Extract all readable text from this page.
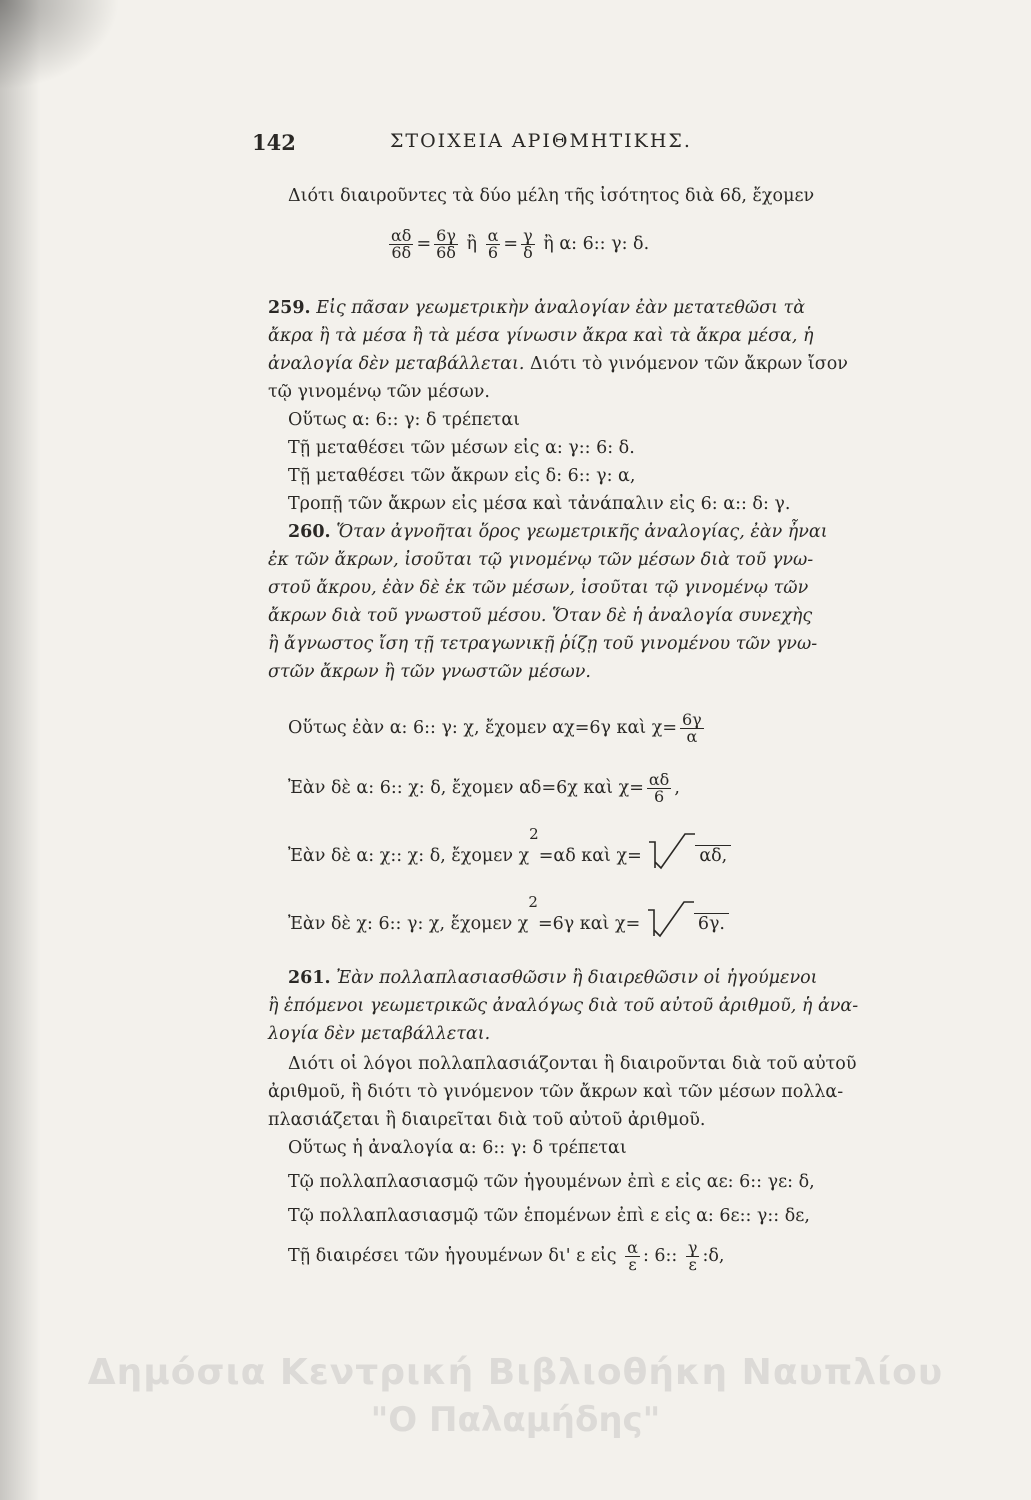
142	ΣΤΟΙΧΕΙΑ ΑΡΙΘΜΗΤΙΚΗΣ.
Διότι διαιροῦντες τὰ δύο μέλη τῆς ἰσότητος διὰ 6δ, ἔχομεν
$\frac{\alpha\delta}{6\delta} = \frac{6\gamma}{6\delta}$ ἢ $\frac{\alpha}{6} = \frac{\gamma}{\delta}$ ἢ α: 6:: γ: δ.
259. Εἰς πᾶσαν γεωμετρικὴν ἀναλογίαν ἐὰν μετατεθῶσι τὰ
ἄκρα ἢ τὰ μέσα ἢ τὰ μέσα γίνωσιν ἄκρα καὶ τὰ ἄκρα μέσα, ἡ
ἀναλογία δὲν μεταβάλλεται. Διότι τὸ γινόμενον τῶν ἄκρων ἴσον
τῷ γινομένῳ τῶν μέσων.
Οὕτως α: 6:: γ: δ τρέπεται
Τῇ μεταθέσει τῶν μέσων εἰς α: γ:: 6: δ.
Τῇ μεταθέσει τῶν ἄκρων εἰς δ: 6:: γ: α,
Τροπῇ τῶν ἄκρων εἰς μέσα καὶ τἀνάπαλιν εἰς 6: α:: δ: γ.
260. Ὅταν ἀγνοῆται ὅρος γεωμετρικῆς ἀναλογίας, ἐὰν ἦναι
ἐκ τῶν ἄκρων, ἰσοῦται τῷ γινομένῳ τῶν μέσων διὰ τοῦ γνω-
στοῦ ἄκρου, ἐὰν δὲ ἐκ τῶν μέσων, ἰσοῦται τῷ γινομένῳ τῶν
ἄκρων διὰ τοῦ γνωστοῦ μέσου. Ὅταν δὲ ἡ ἀναλογία συνεχὴς
ἢ ἄγνωστος ἴση τῇ τετραγωνικῇ ῥίζῃ τοῦ γινομένου τῶν γνω-
στῶν ἄκρων ἢ τῶν γνωστῶν μέσων.
Οὕτως ἐὰν α: 6:: γ: χ, ἔχομεν αχ=6γ καὶ $\chi= \frac{6\gamma}{\alpha}$
Ἐὰν δὲ α: 6:: χ: δ, ἔχομεν αδ=6χ καὶ $\chi= \frac{\alpha\delta}{6}$ ,
Ἐὰν δὲ α: χ:: χ: δ, ἔχομεν χ2=αδ καὶ χ=	αδ,
Ἐὰν δὲ χ: 6:: γ: χ, ἔχομεν χ2=6γ καὶ χ=	6γ.
261. Ἐὰν πολλαπλασιασθῶσιν ἢ διαιρεθῶσιν οἱ ἡγούμενοι
ἢ ἑπόμενοι γεωμετρικῶς ἀναλόγως διὰ τοῦ αὐτοῦ ἀριθμοῦ, ἡ ἀνα-
λογία δὲν μεταβάλλεται.
Διότι οἱ λόγοι πολλαπλασιάζονται ἢ διαιροῦνται διὰ τοῦ αὐτοῦ
ἀριθμοῦ, ἢ διότι τὸ γινόμενον τῶν ἄκρων καὶ τῶν μέσων πολλα-
πλασιάζεται ἢ διαιρεῖται διὰ τοῦ αὐτοῦ ἀριθμοῦ.
Οὕτως ἡ ἀναλογία α: 6:: γ: δ τρέπεται
Τῷ πολλαπλασιασμῷ τῶν ἡγουμένων ἐπὶ ε εἰς αε: 6:: γε: δ,
Τῷ πολλαπλασιασμῷ τῶν ἑπομένων ἐπὶ ε εἰς α: 6ε:: γ:: δε,
Τῇ διαιρέσει τῶν ἡγουμένων δι' ε εἰς $\frac{\alpha}{\varepsilon}$ : 6:: $\frac{\gamma}{\varepsilon}$ :δ,
Δημόσια Κεντρική Βιβλιοθήκη Ναυπλίου
"Ο Παλαμήδης"
